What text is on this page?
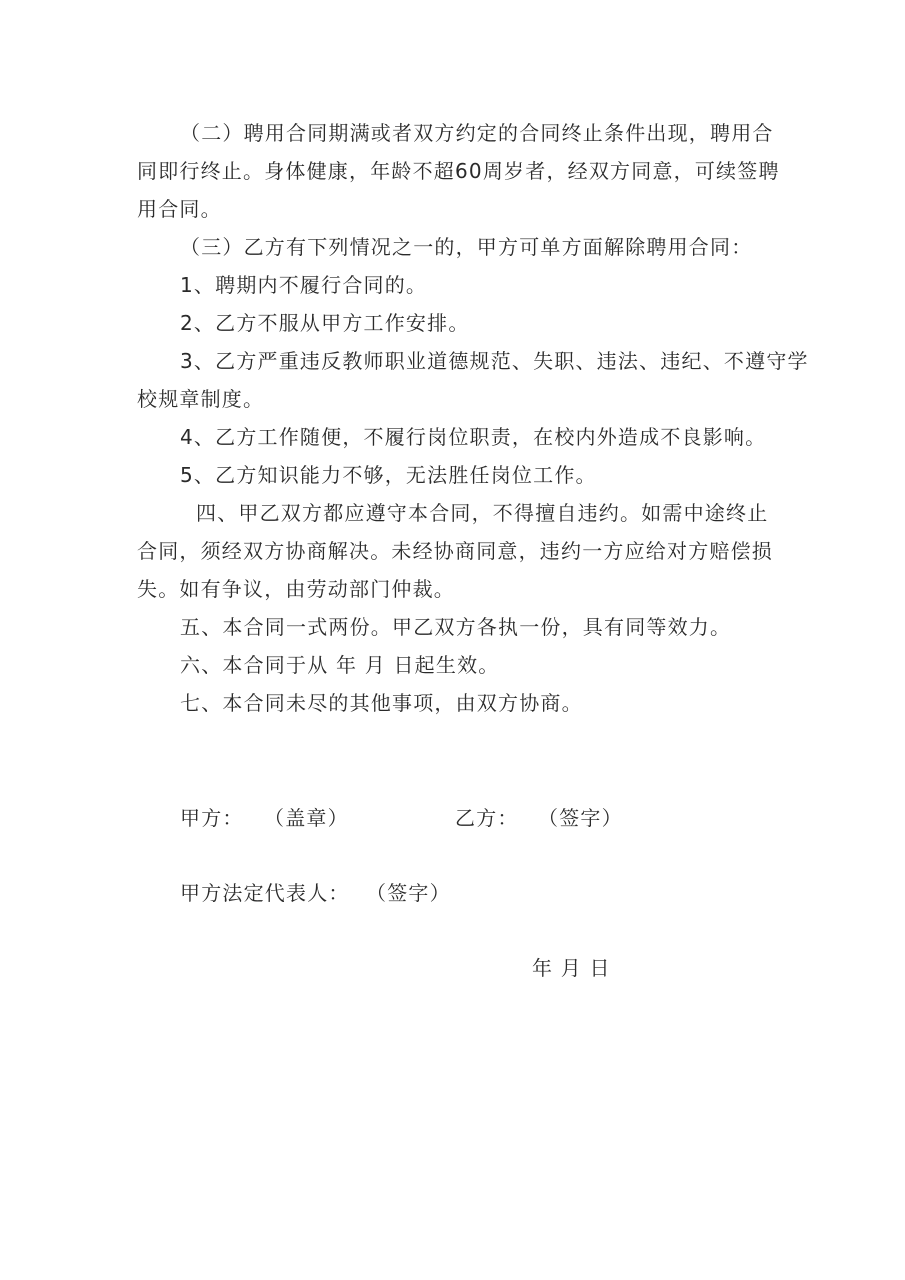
（二）聘用合同期满或者双方约定的合同终止条件出现，聘用合
同即行终止。身体健康，年龄不超60周岁者，经双方同意，可续签聘
用合同。
（三）乙方有下列情况之一的，甲方可单方面解除聘用合同：
1、聘期内不履行合同的。
2、乙方不服从甲方工作安排。
3、乙方严重违反教师职业道德规范、失职、违法、违纪、不遵守学
校规章制度。
4、乙方工作随便，不履行岗位职责，在校内外造成不良影响。
5、乙方知识能力不够，无法胜任岗位工作。
四、甲乙双方都应遵守本合同，不得擅自违约。如需中途终止
合同，须经双方协商解决。未经协商同意，违约一方应给对方赔偿损
失。如有争议，由劳动部门仲裁。
五、本合同一式两份。甲乙双方各执一份，具有同等效力。
六、本合同于从 年 月 日起生效。
七、本合同未尽的其他事项，由双方协商。
甲方： （盖章）	乙方： （签字）
甲方法定代表人： （签字）
年 月 日
